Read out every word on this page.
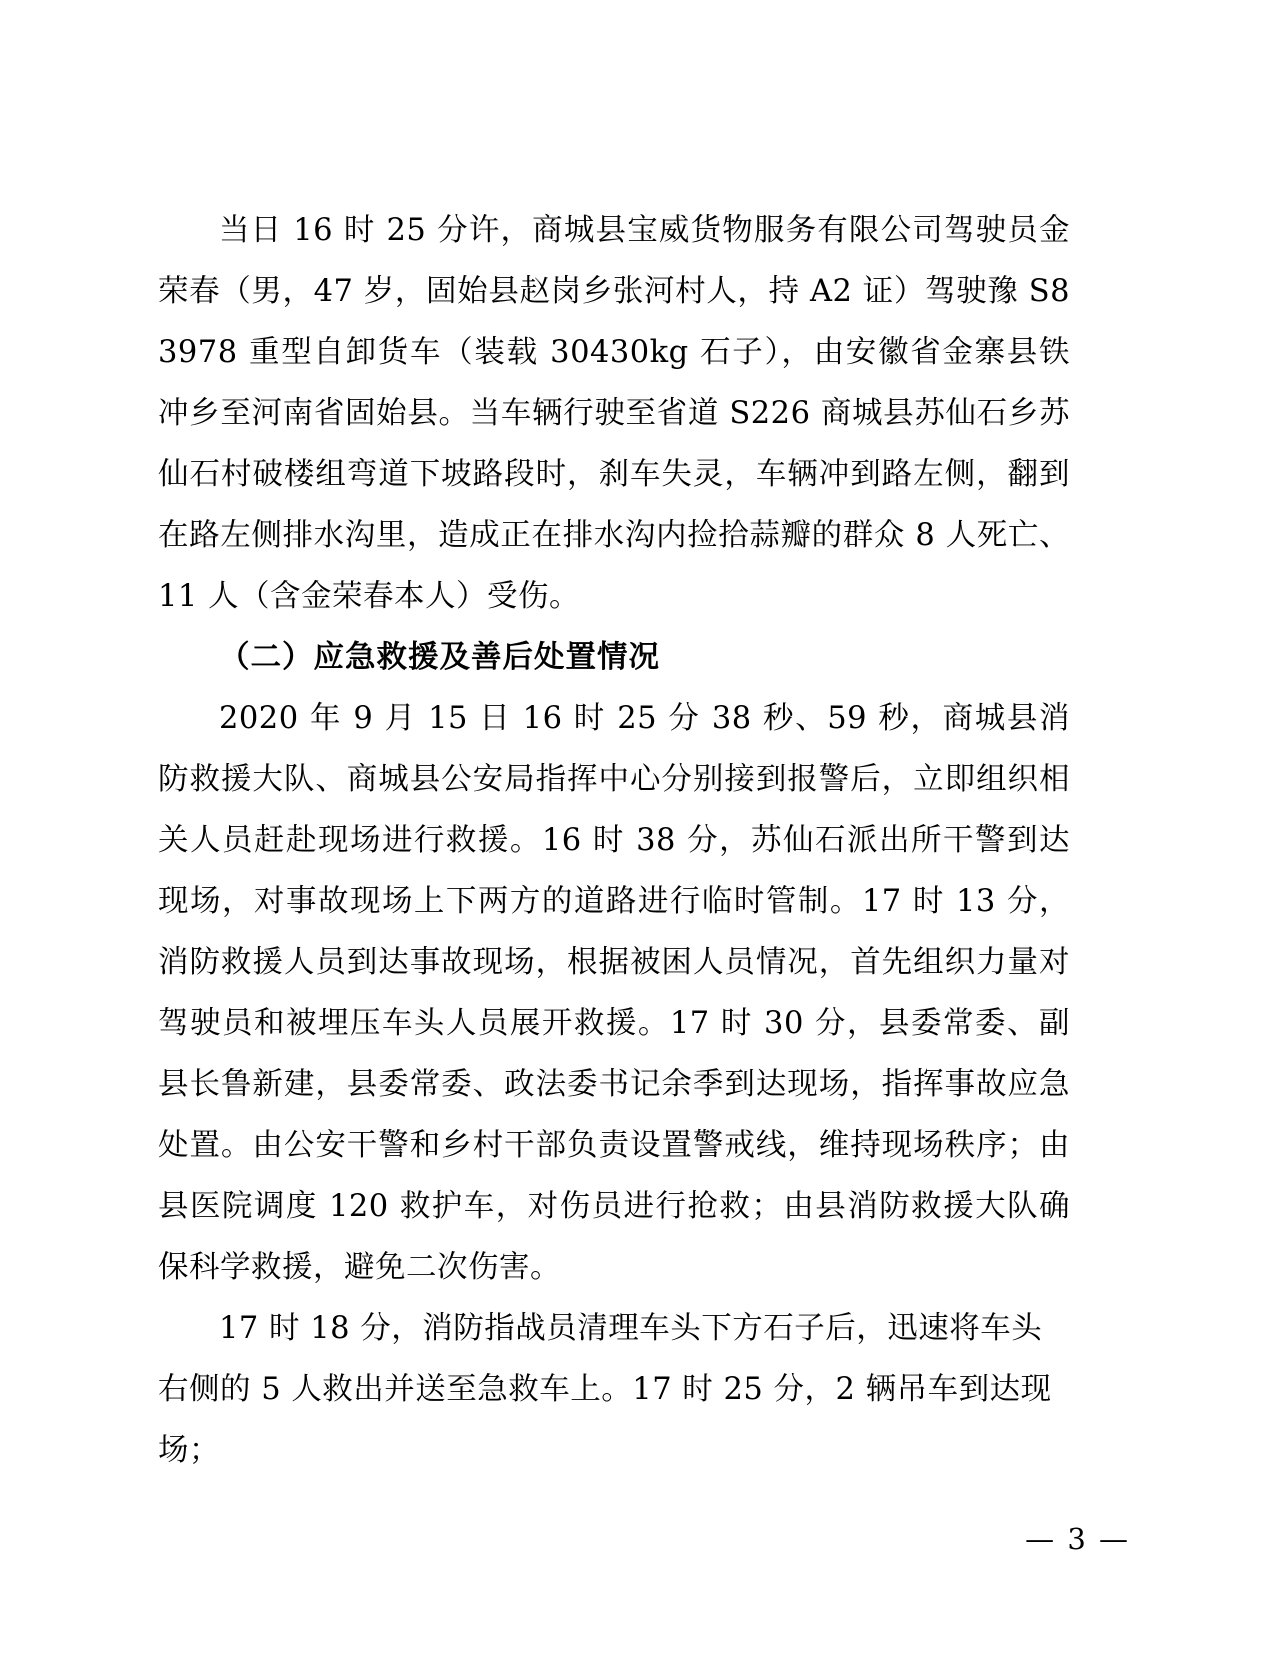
当日 16 时 25 分许，商城县宝威货物服务有限公司驾驶员金荣春（男，47 岁，固始县赵岗乡张河村人，持 A2 证）驾驶豫 S83978 重型自卸货车（装载 30430kg 石子），由安徽省金寨县铁冲乡至河南省固始县。当车辆行驶至省道 S226 商城县苏仙石乡苏仙石村破楼组弯道下坡路段时，刹车失灵，车辆冲到路左侧，翻到在路左侧排水沟里，造成正在排水沟内捡拾蒜瓣的群众 8 人死亡、11 人（含金荣春本人）受伤。

（二）应急救援及善后处置情况

2020 年 9 月 15 日 16 时 25 分 38 秒、59 秒，商城县消防救援大队、商城县公安局指挥中心分别接到报警后，立即组织相关人员赶赴现场进行救援。16 时 38 分，苏仙石派出所干警到达现场，对事故现场上下两方的道路进行临时管制。17 时 13 分，消防救援人员到达事故现场，根据被困人员情况，首先组织力量对驾驶员和被埋压车头人员展开救援。17 时 30 分，县委常委、副县长鲁新建，县委常委、政法委书记余季到达现场，指挥事故应急处置。由公安干警和乡村干部负责设置警戒线，维持现场秩序；由县医院调度 120 救护车，对伤员进行抢救；由县消防救援大队确保科学救援，避免二次伤害。

17 时 18 分，消防指战员清理车头下方石子后，迅速将车头右侧的 5 人救出并送至急救车上。17 时 25 分，2 辆吊车到达现场；

— 3 —
